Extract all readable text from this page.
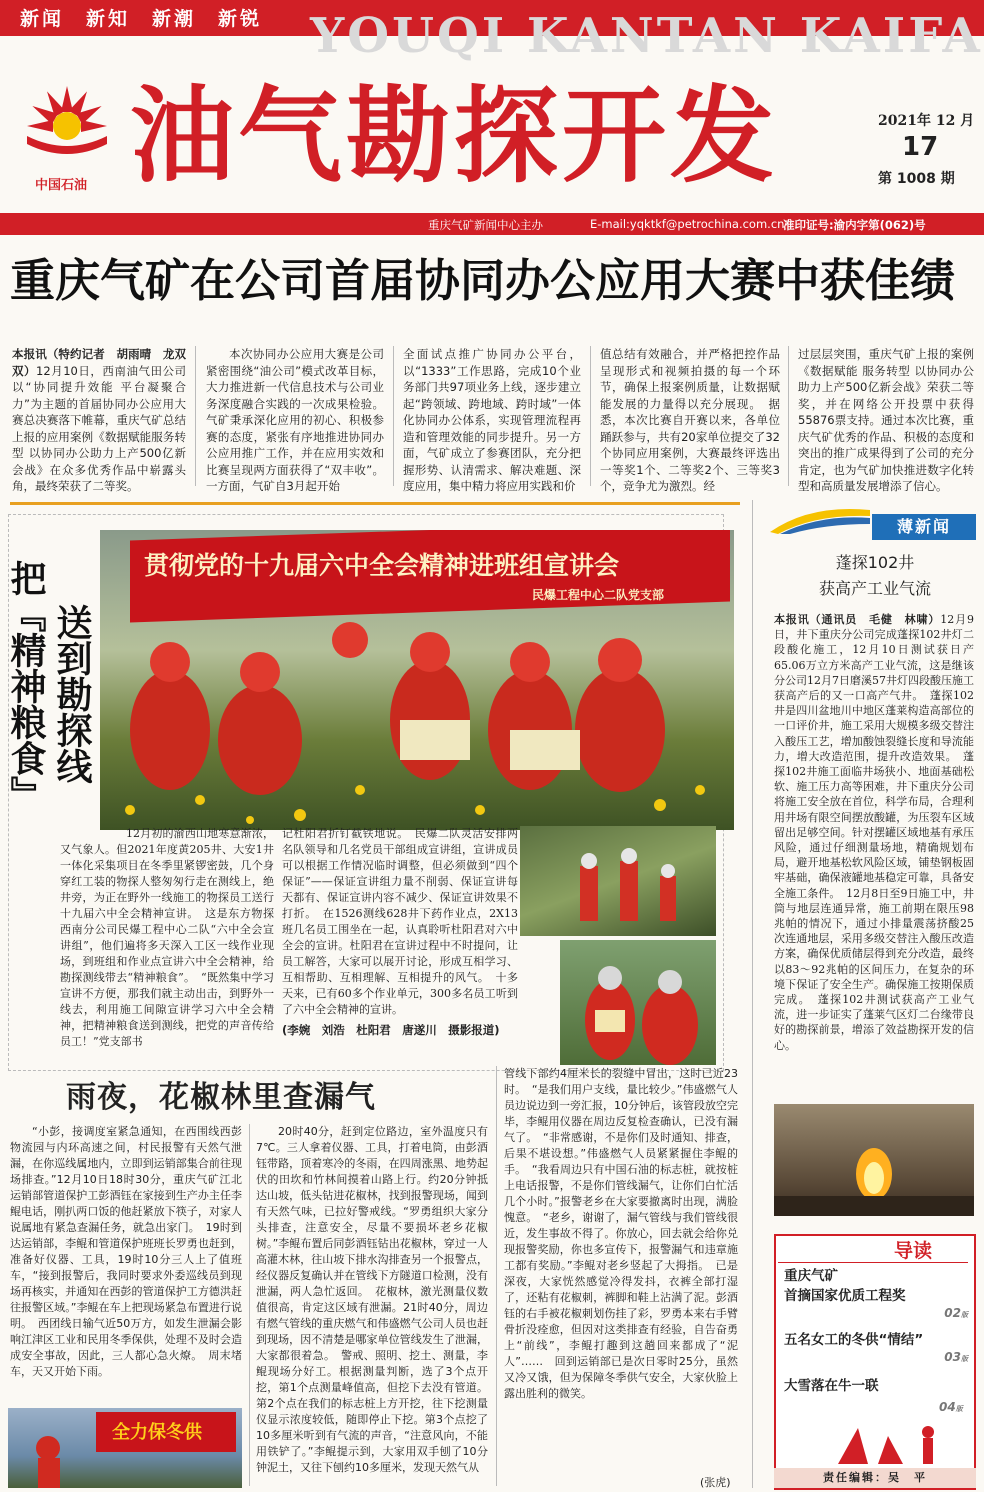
新闻　新知　新潮　新锐 YOUQI KANTAN KAIFA
中国石油 油气勘探开发	2021年 12 月
17
第 1008 期
重庆气矿新闻中心主办	E-mail:yqktkf@petrochina.com.cn
准印证号:渝内字第(062)号
重庆气矿在公司首届协同办公应用大赛中获佳绩
本报讯（特约记者　胡雨晴　龙双双）12月10日，西南油气田公司以“协同提升效能 平台凝聚合力”为主题的首届协同办公应用大赛总决赛落下帷幕，重庆气矿总结上报的应用案例《数据赋能服务转型 以协同办公助力上产500亿新会战》在众多优秀作品中崭露头角，最终荣获了二等奖。

本次协同办公应用大赛是公司紧密围绕“油公司”模式改革目标，大力推进新一代信息技术与公司业务深度融合实践的一次成果检验。气矿秉承深化应用的初心、积极参赛的态度，紧张有序地推进协同办公应用推广工作，并在应用实效和比赛呈现两方面获得了“双丰收”。一方面，气矿自3月起开始

全面试点推广协同办公平台，以“1333”工作思路，完成10个业务部门共97项业务上线，逐步建立起“跨领域、跨地域、跨时域”一体化协同办公体系，实现管理流程再造和管理效能的同步提升。另一方面，气矿成立了参赛团队，充分把握形势、认清需求、解决难题、深度应用，集中精力将应用实践和价
值总结有效融合，并严格把控作品呈现形式和视频拍摄的每一个环节，确保上报案例质量，让数据赋能发展的力量得以充分展现。　据悉，本次比赛自开赛以来，各单位踊跃参与，共有20家单位提交了32个协同应用案例，大赛最终评选出一等奖1个、二等奖2个、三等奖3个，竞争尤为激烈。经
过层层突围，重庆气矿上报的案例《数据赋能 服务转型 以协同办公助力上产500亿新会战》荣获二等奖，并在网络公开投票中获得55876票支持。通过本次比赛，重庆气矿优秀的作品、积极的态度和突出的推广成果得到了公司的充分肯定，也为气矿加快推进数字化转型和高质量发展增添了信心。
把『精神粮食』 送到勘探线
贯彻党的十九届六中全会精神进班组宣讲会
民爆工程中心二队党支部
12月初的渝西山地寒意渐浓，又气象人。但2021年度黄205井、大安1井一体化采集项目在冬季里紧锣密鼓，几个身穿红工装的物探人整匆匆行走在测线上，绝井旁，为正在野外一线施工的物探员工送行十九届六中全会精神宣讲。　这是东方物探西南分公司民爆工程中心二队“六中全会宣讲组”，他们遍将多天深入工区一线作业现场，到班组和作业点宣讲六中全会精神，给勘探测线带去“精神粮食”。　“既然集中学习宣讲不方便，那我们就主动出击，到野外一线去，利用施工间隙宣讲学习六中全会精神，把精神粮食送到测线，把党的声音传给员工！”党支部书
记杜阳君折钉截铁地说。　民爆二队灵活安排两名队领导和几名党员干部组成宣讲组，宣讲成员可以根据工作情况临时调整，但必须做到“四个保证”——保证宣讲组力量不削弱、保证宣讲每天都有、保证宣讲内容不减少、保证宣讲效果不打折。　在1526测线628井下药作业点，2X13班几名员工围坐在一起，认真聆听杜阳君对六中全会的宣讲。杜阳君在宣讲过程中不时提问，让员工解答，大家可以展开讨论，形成互相学习、互相帮助、互相理解、互相提升的风气。　十多天来，已有60多个作业单元，300多名员工听到了六中全会精神的宣讲。
(李婉　刘浩　杜阳君　唐遂川　摄影报道)
薄新闻
蓬探102井
获高产工业气流
本报讯（通讯员　毛健　林啸）12月9日，井下重庆分公司完成蓬探102井灯二段酸化施工，12月10日测试获日产65.06万立方米高产工业气流，这是继该分公司12月7日磨溪57井灯四段酸压施工获高产后的又一口高产气井。　蓬探102井是四川盆地川中地区蓬莱构造高部位的一口评价井，施工采用大规模多级交替注入酸压工艺，增加酸蚀裂缝长度和导流能力，增大改造范围，提升改造效果。　蓬探102井施工面临井场狭小、地面基础松软、施工压力高等困难，井下重庆分公司将施工安全放在首位，科学布局，合理利用井场有限空间摆放酸罐，为压裂车区域留出足够空间。针对摆罐区域地基有承压风险，通过仔细测量场地，精确规划布局，避开地基松软风险区域，铺垫钢板固牢基础，确保液罐地基稳定可靠，具备安全施工条件。　12月8日至9日施工中，井筒与地层连通异常，施工前期在限压98兆帕的情况下，通过小排量震荡挤酸25次连通地层，采用多级交替注入酸压改造方案，确保优质储层得到充分改造，最终以83～92兆帕的区间压力，在复杂的环境下保证了安全生产。确保施工按期保质完成。　蓬探102井测试获高产工业气流，进一步证实了蓬莱气区灯二台缘带良好的勘探前景，增添了效益勘探开发的信心。
导读
重庆气矿
首摘国家优质工程奖
02版
五名女工的冬供“情结”
03版
大雪落在牛一联
04版
责任编辑：吴　平
雨夜，花椒林里查漏气

“小彭，接调度室紧急通知，在西围线西彭物流园与内环高速之间，村民报警有天然气泄漏，在你巡线属地内，立即到运销部集合前往现场排查。”12月10日18时30分，重庆气矿江北运销部管道保护工彭酒钰在家接到生产办主任李鲲电话，刚扒两口饭的他赶紧放下筷子，对家人说属地有紧急查漏任务，就急出家门。　19时到达运销部，李鲲和管道保护班班长罗勇也赶到，准备好仪器、工具，19时10分三人上了值班车，“接到报警后，我同时要求外委巡线员到现场再核实，并通知在西彭的管道保护工方德洪赶往报警区域。”李鲲在车上把现场紧急布置进行说明。　西团线日输气近50万方，如发生泄漏会影响江津区工业和民用冬季保供，处理不及时会造成安全事故，因此，三人都心急火燎。　周末堵车，天又开始下雨。

全力保冬供

20时40分，赶到定位路边，室外温度只有7℃。三人拿着仪器、工具，打着电筒，由彭酒钰带路，顶着寒冷的冬雨，在四周涨黑、地势起伏的田坎和竹林间摸着山路上行。约20分钟抵达山坡，低头钻进花椒林，找到报警现场，闻到有天然气味，已拉好警戒线。“罗勇组织大家分头排查，注意安全，尽量不要损坏老乡花椒树。”李鲲布置后同彭酒钰钻出花椒林，穿过一人高灌木林，往山坡下排水沟排查另一个报警点，经仪器反复确认并在管线下方隧道口检测，没有泄漏，两人急忙返回。　花椒林，激光测量仪数值很高，肯定这区域有泄漏。21时40分，周边有燃气管线的重庆燃气和伟盛燃气公司人员也赶到现场，因不清楚是哪家单位管线发生了泄漏，大家都很着急。　警戒、照明、挖土、测量，李鲲现场分好工。根据测量判断，选了3个点开挖，第1个点测量峰值高，但挖下去没有管道。第2个点在我们的标志桩上方开挖，往下挖测量仪显示浓度较低，随即停止下挖。第3个点挖了10多厘米听到有气流的声音，“注意风向，不能用铁铲了。”李鲲提示到，大家用双手刨了10分钟泥土，又往下刨约10多厘米，发现天然气从

管线下部约4厘米长的裂缝中冒出，这时已近23时。　“是我们用户支线，量比较少。”伟盛燃气人员边说边到一旁汇报，10分钟后，该管段放空完毕，李鲲用仪器在周边反复检查确认，已没有漏气了。　“非常感谢，不是你们及时通知、排查，后果不堪设想。”伟盛燃气人员紧紧握住李鲲的手。　“我看周边只有中国石油的标志桩，就按桩上电话报警，不是你们管线漏气，让你们白忙活几个小时。”报警老乡在大家要撤离时出现，满脸愧意。　“老乡，谢谢了，漏气管线与我们管线很近，发生事故不得了。你放心，回去就会给你兑现报警奖励，你也多宣传下，报警漏气和违章施工都有奖励。”李鲲对老乡竖起了大拇指。　已是深夜，大家恍然感觉冷得发抖，衣裤全部打湿了，还粘有花椒刺，裤脚和鞋上沾满了泥。彭酒钰的右手被花椒刺划伤挂了彩，罗勇本来右手臂骨折没痊愈，但因对这类排查有经验，自告奋勇上“前线”，李鲲打趣到这趟回来都成了“泥人”……　回到运销部已是次日零时25分，虽然又冷又饿，但为保障冬季供气安全，大家伙脸上露出胜利的微笑。
(张虎)
